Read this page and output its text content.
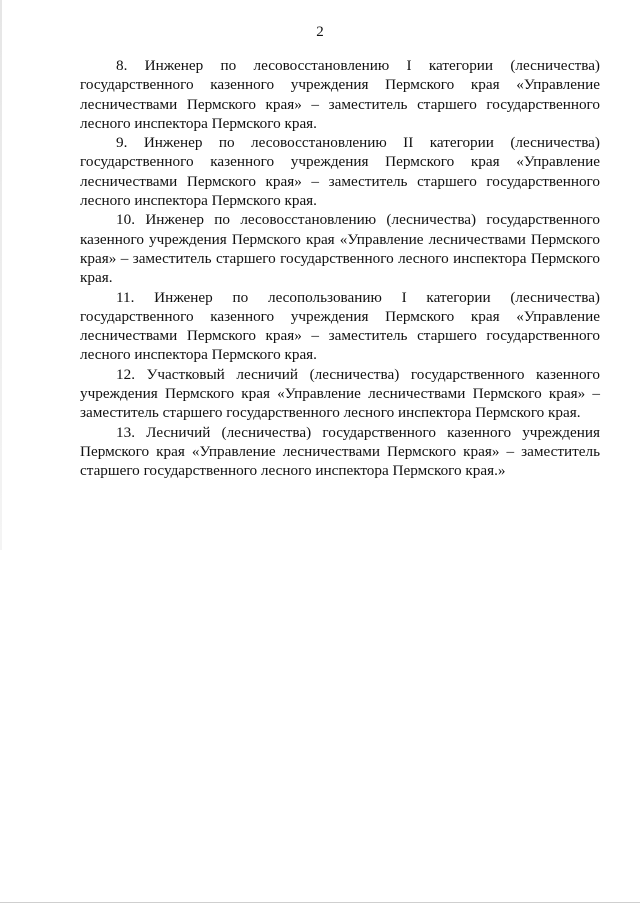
2

8. Инженер по лесовосстановлению I категории (лесничества) государственного казенного учреждения Пермского края «Управление лесничествами Пермского края» – заместитель старшего государственного лесного инспектора Пермского края.

9. Инженер по лесовосстановлению II категории (лесничества) государственного казенного учреждения Пермского края «Управление лесничествами Пермского края» – заместитель старшего государственного лесного инспектора Пермского края.

10. Инженер по лесовосстановлению (лесничества) государственного казенного учреждения Пермского края «Управление лесничествами Пермского края» – заместитель старшего государственного лесного инспектора Пермского края.

11. Инженер по лесопользованию I категории (лесничества) государственного казенного учреждения Пермского края «Управление лесничествами Пермского края» – заместитель старшего государственного лесного инспектора Пермского края.

12. Участковый лесничий (лесничества) государственного казенного учреждения Пермского края «Управление лесничествами Пермского края» – заместитель старшего государственного лесного инспектора Пермского края.

13. Лесничий (лесничества) государственного казенного учреждения Пермского края «Управление лесничествами Пермского края» – заместитель старшего государственного лесного инспектора Пермского края.»
